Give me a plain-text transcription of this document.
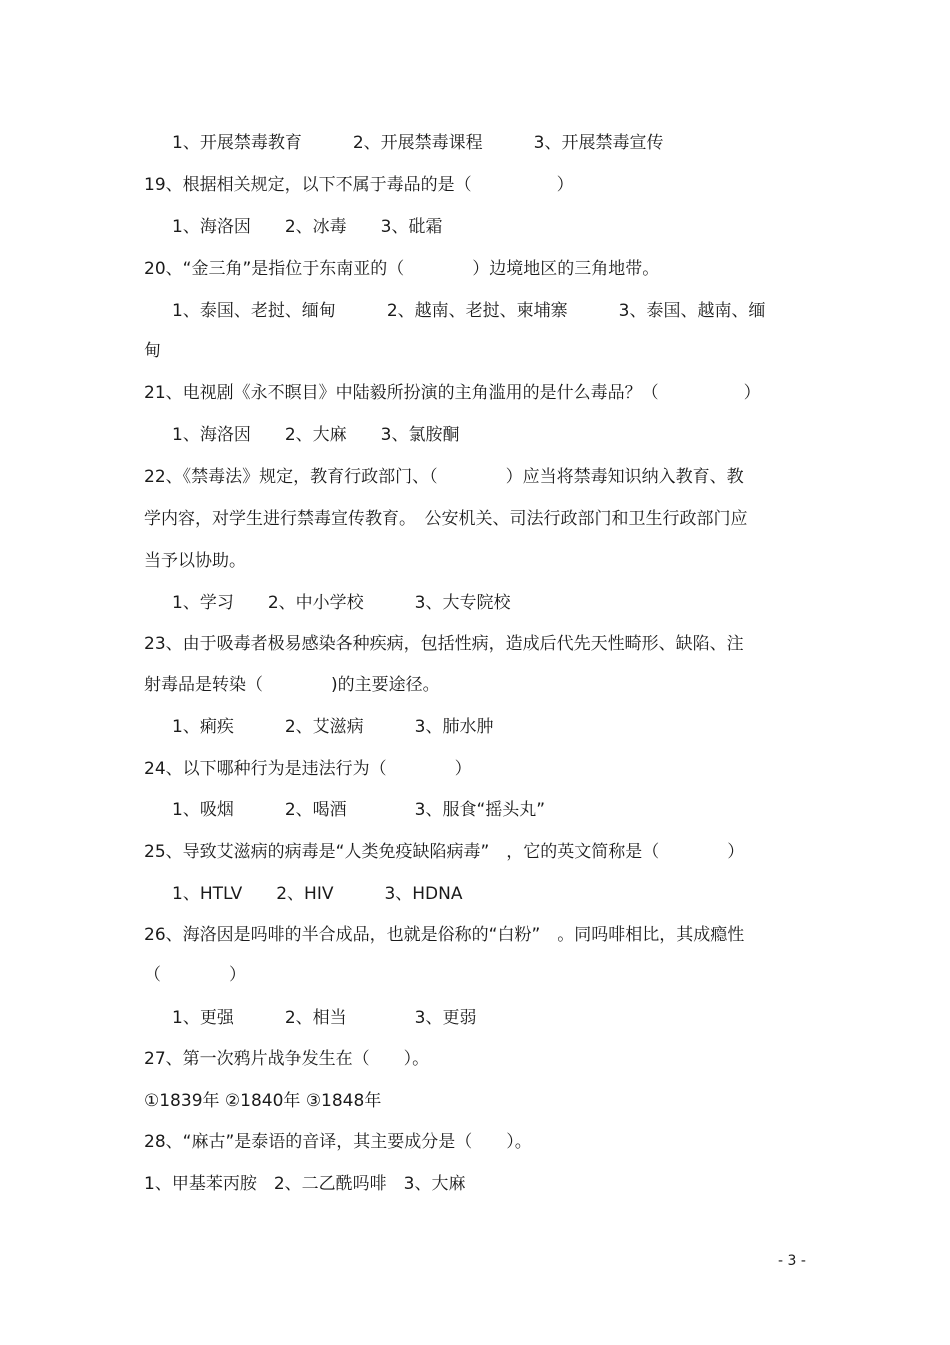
1、开展禁毒教育　　　2、开展禁毒课程　　　3、开展禁毒宣传
19、根据相关规定，以下不属于毒品的是（　　　　　）
1、海洛因　　2、冰毒　　3、砒霜
20、“金三角”是指位于东南亚的（　　　　）边境地区的三角地带。
1、泰国、老挝、缅甸　　　2、越南、老挝、柬埔寨　　　3、泰国、越南、缅
甸
21、电视剧《永不瞑目》中陆毅所扮演的主角滥用的是什么毒品？（　　　　　）
1、海洛因　　2、大麻　　3、氯胺酮
22、《禁毒法》规定，教育行政部门、（　　　　）应当将禁毒知识纳入教育、教
学内容，对学生进行禁毒宣传教育。　公安机关、司法行政部门和卫生行政部门应
当予以协助。
1、学习　　2、中小学校　　　3、大专院校
23、由于吸毒者极易感染各种疾病，包括性病，造成后代先天性畸形、缺陷、注
射毒品是转染（　　　　)的主要途径。
1、痢疾　　　2、艾滋病　　　3、肺水肿
24、以下哪种行为是违法行为（　　　　）
1、吸烟　　　2、喝酒　　　　3、服食“摇头丸”
25、导致艾滋病的病毒是“人类免疫缺陷病毒”　，它的英文简称是（　　　　）
1、HTLV　　2、HIV　　　3、HDNA
26、海洛因是吗啡的半合成品，也就是俗称的“白粉”　。同吗啡相比，其成瘾性
（　　　　）
1、更强　　　2、相当　　　　3、更弱
27、第一次鸦片战争发生在（　　）。
①1839年 ②1840年 ③1848年
28、“麻古”是泰语的音译，其主要成分是（　　）。
1、甲基苯丙胺　2、二乙酰吗啡　3、大麻
- 3 -
